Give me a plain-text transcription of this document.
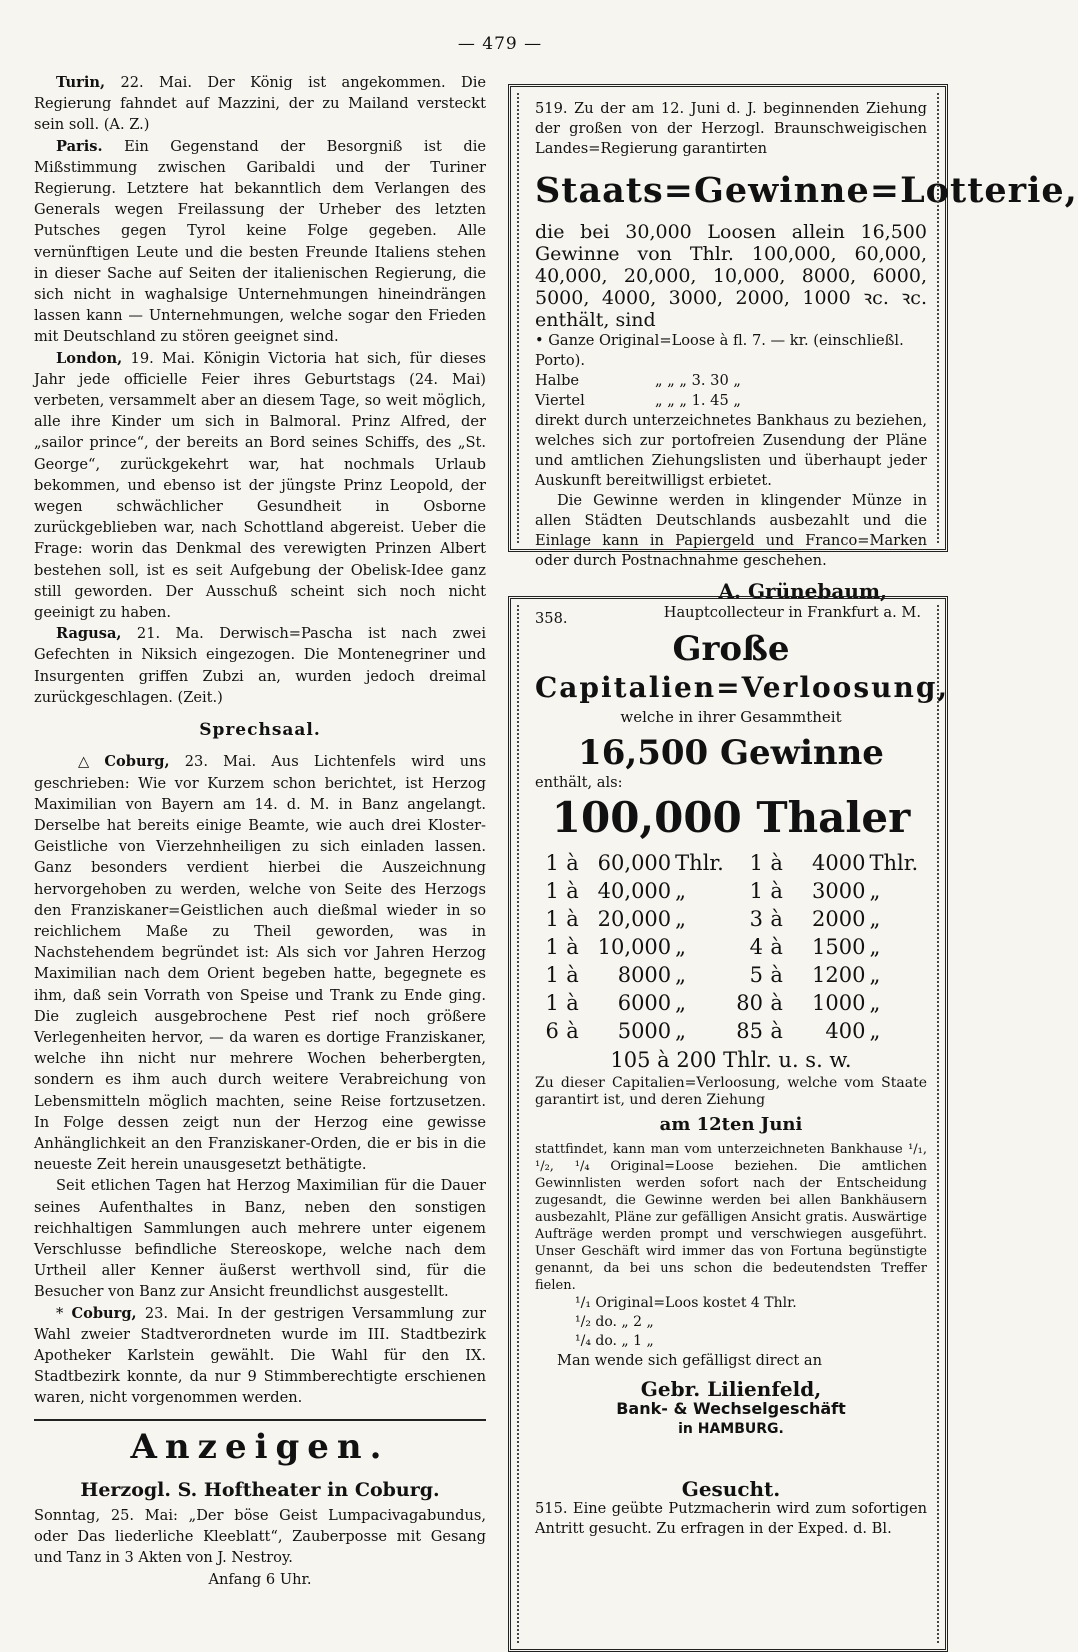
— 479 —

Turin, 22. Mai. Der König ist angekommen. Die Regierung fahndet auf Mazzini, der zu Mailand versteckt sein soll. (A. Z.)

Paris. Ein Gegenstand der Besorgniß ist die Mißstimmung zwischen Garibaldi und der Turiner Regierung. Letztere hat bekanntlich dem Verlangen des Generals wegen Freilassung der Urheber des letzten Putsches gegen Tyrol keine Folge gegeben. Alle vernünftigen Leute und die besten Freunde Italiens stehen in dieser Sache auf Seiten der italienischen Regierung, die sich nicht in waghalsige Unternehmungen hineindrängen lassen kann — Unternehmungen, welche sogar den Frieden mit Deutschland zu stören geeignet sind.

London, 19. Mai. Königin Victoria hat sich, für dieses Jahr jede officielle Feier ihres Geburtstags (24. Mai) verbeten, versammelt aber an diesem Tage, so weit möglich, alle ihre Kinder um sich in Balmoral. Prinz Alfred, der „sailor prince“, der bereits an Bord seines Schiffs, des „St. George“, zurückgekehrt war, hat nochmals Urlaub bekommen, und ebenso ist der jüngste Prinz Leopold, der wegen schwächlicher Gesundheit in Osborne zurückgeblieben war, nach Schottland abgereist. Ueber die Frage: worin das Denkmal des verewigten Prinzen Albert bestehen soll, ist es seit Aufgebung der Obelisk-Idee ganz still geworden. Der Ausschuß scheint sich noch nicht geeinigt zu haben.

Ragusa, 21. Ma. Derwisch=Pascha ist nach zwei Gefechten in Niksich eingezogen. Die Montenegriner und Insurgenten griffen Zubzi an, wurden jedoch dreimal zurückgeschlagen. (Zeit.)

Sprechsaal.

△ Coburg, 23. Mai. Aus Lichtenfels wird uns geschrieben: Wie vor Kurzem schon berichtet, ist Herzog Maximilian von Bayern am 14. d. M. in Banz angelangt. Derselbe hat bereits einige Beamte, wie auch drei Kloster-Geistliche von Vierzehnheiligen zu sich einladen lassen. Ganz besonders verdient hierbei die Auszeichnung hervorgehoben zu werden, welche von Seite des Herzogs den Franziskaner=Geistlichen auch dießmal wieder in so reichlichem Maße zu Theil geworden, was in Nachstehendem begründet ist: Als sich vor Jahren Herzog Maximilian nach dem Orient begeben hatte, begegnete es ihm, daß sein Vorrath von Speise und Trank zu Ende ging. Die zugleich ausgebrochene Pest rief noch größere Verlegenheiten hervor, — da waren es dortige Franziskaner, welche ihn nicht nur mehrere Wochen beherbergten, sondern es ihm auch durch weitere Verabreichung von Lebensmitteln möglich machten, seine Reise fortzusetzen. In Folge dessen zeigt nun der Herzog eine gewisse Anhänglichkeit an den Franziskaner-Orden, die er bis in die neueste Zeit herein unausgesetzt bethätigte.

Seit etlichen Tagen hat Herzog Maximilian für die Dauer seines Aufenthaltes in Banz, neben den sonstigen reichhaltigen Sammlungen auch mehrere unter eigenem Verschlusse befindliche Stereoskope, welche nach dem Urtheil aller Kenner äußerst werthvoll sind, für die Besucher von Banz zur Ansicht freundlichst ausgestellt.

* Coburg, 23. Mai. In der gestrigen Versammlung zur Wahl zweier Stadtverordneten wurde im III. Stadtbezirk Apotheker Karlstein gewählt. Die Wahl für den IX. Stadtbezirk konnte, da nur 9 Stimmberechtigte erschienen waren, nicht vorgenommen werden.

Anzeigen.
Herzogl. S. Hoftheater in Coburg.

Sonntag, 25. Mai: „Der böse Geist Lumpacivagabundus, oder Das liederliche Kleeblatt“, Zauberposse mit Gesang und Tanz in 3 Akten von J. Nestroy.

Anfang 6 Uhr.

519. Zu der am 12. Juni d. J. beginnenden Ziehung der großen von der Herzogl. Braunschweigischen Landes=Regierung garantirten

Staats=Gewinne=Lotterie,

die bei 30,000 Loosen allein 16,500 Gewinne von Thlr. 100,000, 60,000, 40,000, 20,000, 10,000, 8000, 6000, 5000, 4000, 3000, 2000, 1000 ꝛc. ꝛc. enthält, sind

• Ganze Original=Loose à fl. 7. — kr. (einschließl. Porto).

Halbe	„ „ „ 3. 30 „
Viertel	„ „ „ 1. 45 „

direkt durch unterzeichnetes Bankhaus zu beziehen, welches sich zur portofreien Zusendung der Pläne und amtlichen Ziehungslisten und überhaupt jeder Auskunft bereitwilligst erbietet.

Die Gewinne werden in klingender Münze in allen Städten Deutschlands ausbezahlt und die Einlage kann in Papiergeld und Franco=Marken oder durch Postnachnahme geschehen.

A. Grünebaum,

Hauptcollecteur in Frankfurt a. M.

358.

Große

Capitalien=Verloosung,

welche in ihrer Gesammtheit

16,500 Gewinne

enthält, als:

100,000 Thaler

1	à	60,000	Thlr.	1	à	4000	Thlr.
1	à	40,000	„	1	à	3000	„
1	à	20,000	„	3	à	2000	„
1	à	10,000	„	4	à	1500	„
1	à	8000	„	5	à	1200	„
1	à	6000	„	80	à	1000	„
6	à	5000	„	85	à	400	„

105 à 200 Thlr. u. s. w.

Zu dieser Capitalien=Verloosung, welche vom Staate garantirt ist, und deren Ziehung

am 12ten Juni

stattfindet, kann man vom unterzeichneten Bankhause ¹/₁, ¹/₂, ¹/₄ Original=Loose beziehen. Die amtlichen Gewinnlisten werden sofort nach der Entscheidung zugesandt, die Gewinne werden bei allen Bankhäusern ausbezahlt, Pläne zur gefälligen Ansicht gratis. Auswärtige Aufträge werden prompt und verschwiegen ausgeführt. Unser Geschäft wird immer das von Fortuna begünstigte genannt, da bei uns schon die bedeutendsten Treffer fielen.

¹/₁ Original=Loos kostet 4 Thlr.

¹/₂ do. „ 2 „

¹/₄ do. „ 1 „

Man wende sich gefälligst direct an

Gebr. Lilienfeld,

Bank- & Wechselgeschäft

in HAMBURG.

Gesucht.

515. Eine geübte Putzmacherin wird zum sofortigen Antritt gesucht. Zu erfragen in der Exped. d. Bl.
